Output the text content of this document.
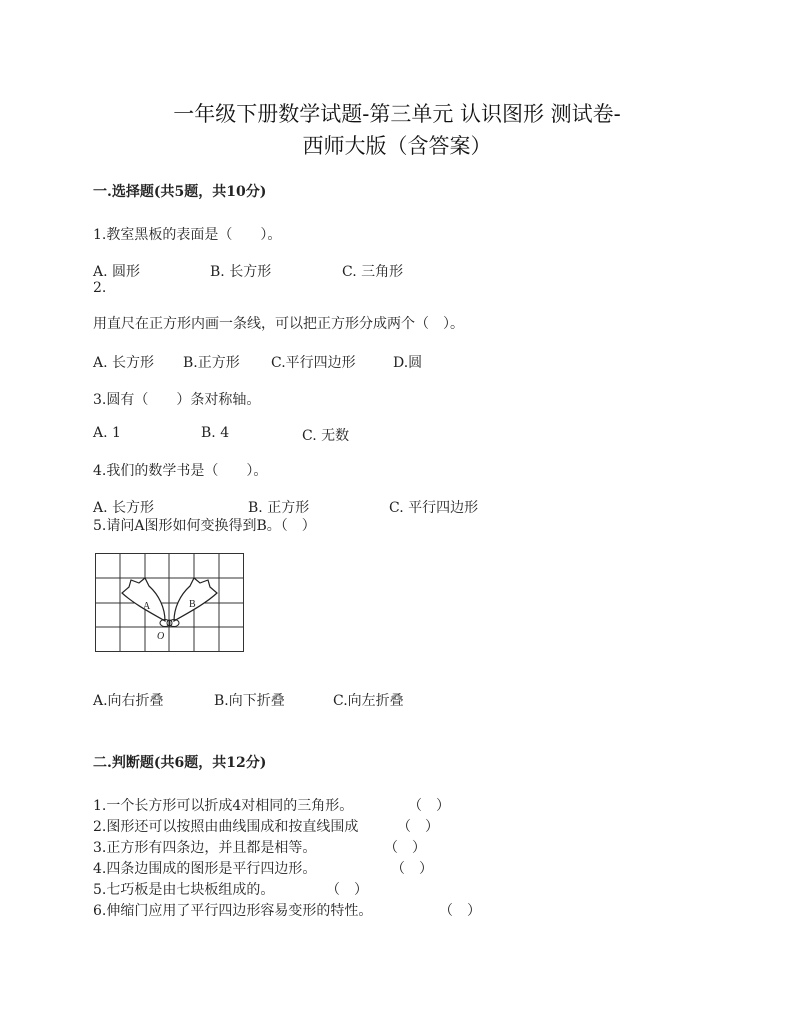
一年级下册数学试题-第三单元 认识图形 测试卷-
西师大版（含答案）
一.选择题(共5题，共10分)
1.教室黑板的表面是（　　）。
A. 圆形	B. 长方形	C. 三角形
2.
用直尺在正方形内画一条线，可以把正方形分成两个（　）。
A. 长方形 B.正方形 C.平行四边形	D.圆
3.圆有（　　）条对称轴。
A. 1	B. 4	C. 无数
4.我们的数学书是（　　）。
A. 长方形	B. 正方形	C. 平行四边形
5.请问A图形如何变换得到B。（　）
A	B
O
A.向右折叠	B.向下折叠	C.向左折叠
二.判断题(共6题，共12分)
1.一个长方形可以折成4对相同的三角形。	（　）
2.图形还可以按照由曲线围成和按直线围成	（　）
3.正方形有四条边，并且都是相等。	（　）
4.四条边围成的图形是平行四边形。	（　）
5.七巧板是由七块板组成的。	（　）
6.伸缩门应用了平行四边形容易变形的特性。	（　）
